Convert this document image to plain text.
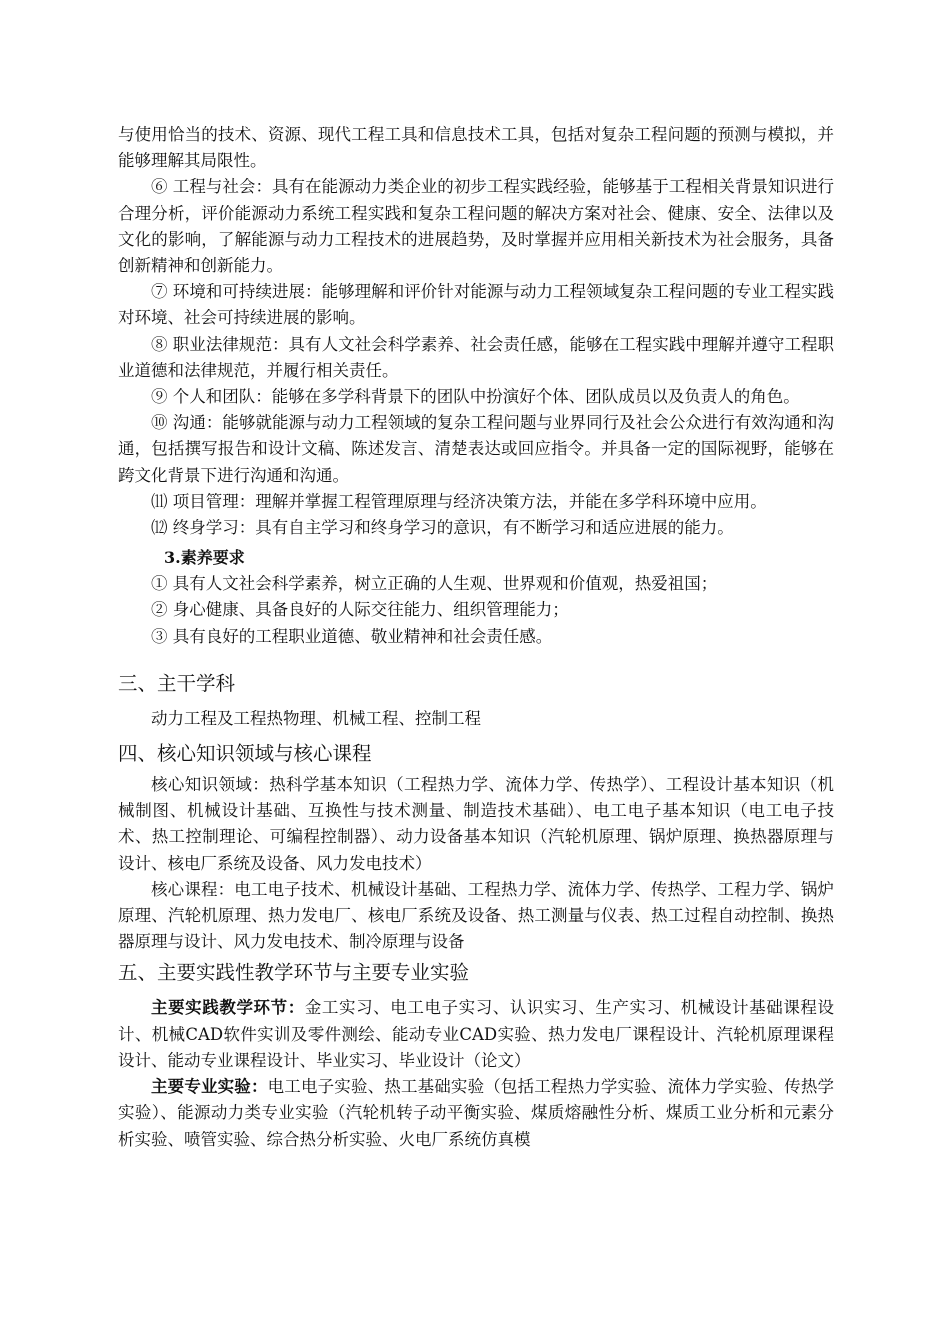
与使用恰当的技术、资源、现代工程工具和信息技术工具，包括对复杂工程问题的预测与模拟，并能够理解其局限性。

⑥ 工程与社会：具有在能源动力类企业的初步工程实践经验，能够基于工程相关背景知识进行合理分析，评价能源动力系统工程实践和复杂工程问题的解决方案对社会、健康、安全、法律以及文化的影响，了解能源与动力工程技术的进展趋势，及时掌握并应用相关新技术为社会服务，具备创新精神和创新能力。

⑦ 环境和可持续进展：能够理解和评价针对能源与动力工程领域复杂工程问题的专业工程实践对环境、社会可持续进展的影响。

⑧ 职业法律规范：具有人文社会科学素养、社会责任感，能够在工程实践中理解并遵守工程职业道德和法律规范，并履行相关责任。

⑨ 个人和团队：能够在多学科背景下的团队中扮演好个体、团队成员以及负责人的角色。

⑩ 沟通：能够就能源与动力工程领域的复杂工程问题与业界同行及社会公众进行有效沟通和沟通，包括撰写报告和设计文稿、陈述发言、清楚表达或回应指令。并具备一定的国际视野，能够在跨文化背景下进行沟通和沟通。

⑾ 项目管理：理解并掌握工程管理原理与经济决策方法，并能在多学科环境中应用。

⑿ 终身学习：具有自主学习和终身学习的意识，有不断学习和适应进展的能力。

3.素养要求

① 具有人文社会科学素养，树立正确的人生观、世界观和价值观，热爱祖国；

② 身心健康、具备良好的人际交往能力、组织管理能力；

③ 具有良好的工程职业道德、敬业精神和社会责任感。

三、主干学科

动力工程及工程热物理、机械工程、控制工程

四、核心知识领域与核心课程

核心知识领域：热科学基本知识（工程热力学、流体力学、传热学）、工程设计基本知识（机械制图、机械设计基础、互换性与技术测量、制造技术基础）、电工电子基本知识（电工电子技术、热工控制理论、可编程控制器）、动力设备基本知识（汽轮机原理、锅炉原理、换热器原理与设计、核电厂系统及设备、风力发电技术）

核心课程：电工电子技术、机械设计基础、工程热力学、流体力学、传热学、工程力学、锅炉原理、汽轮机原理、热力发电厂、核电厂系统及设备、热工测量与仪表、热工过程自动控制、换热器原理与设计、风力发电技术、制冷原理与设备

五、主要实践性教学环节与主要专业实验

主要实践教学环节：金工实习、电工电子实习、认识实习、生产实习、机械设计基础课程设计、机械CAD软件实训及零件测绘、能动专业CAD实验、热力发电厂课程设计、汽轮机原理课程设计、能动专业课程设计、毕业实习、毕业设计（论文）

主要专业实验：电工电子实验、热工基础实验（包括工程热力学实验、流体力学实验、传热学实验）、能源动力类专业实验（汽轮机转子动平衡实验、煤质熔融性分析、煤质工业分析和元素分析实验、喷管实验、综合热分析实验、火电厂系统仿真模
